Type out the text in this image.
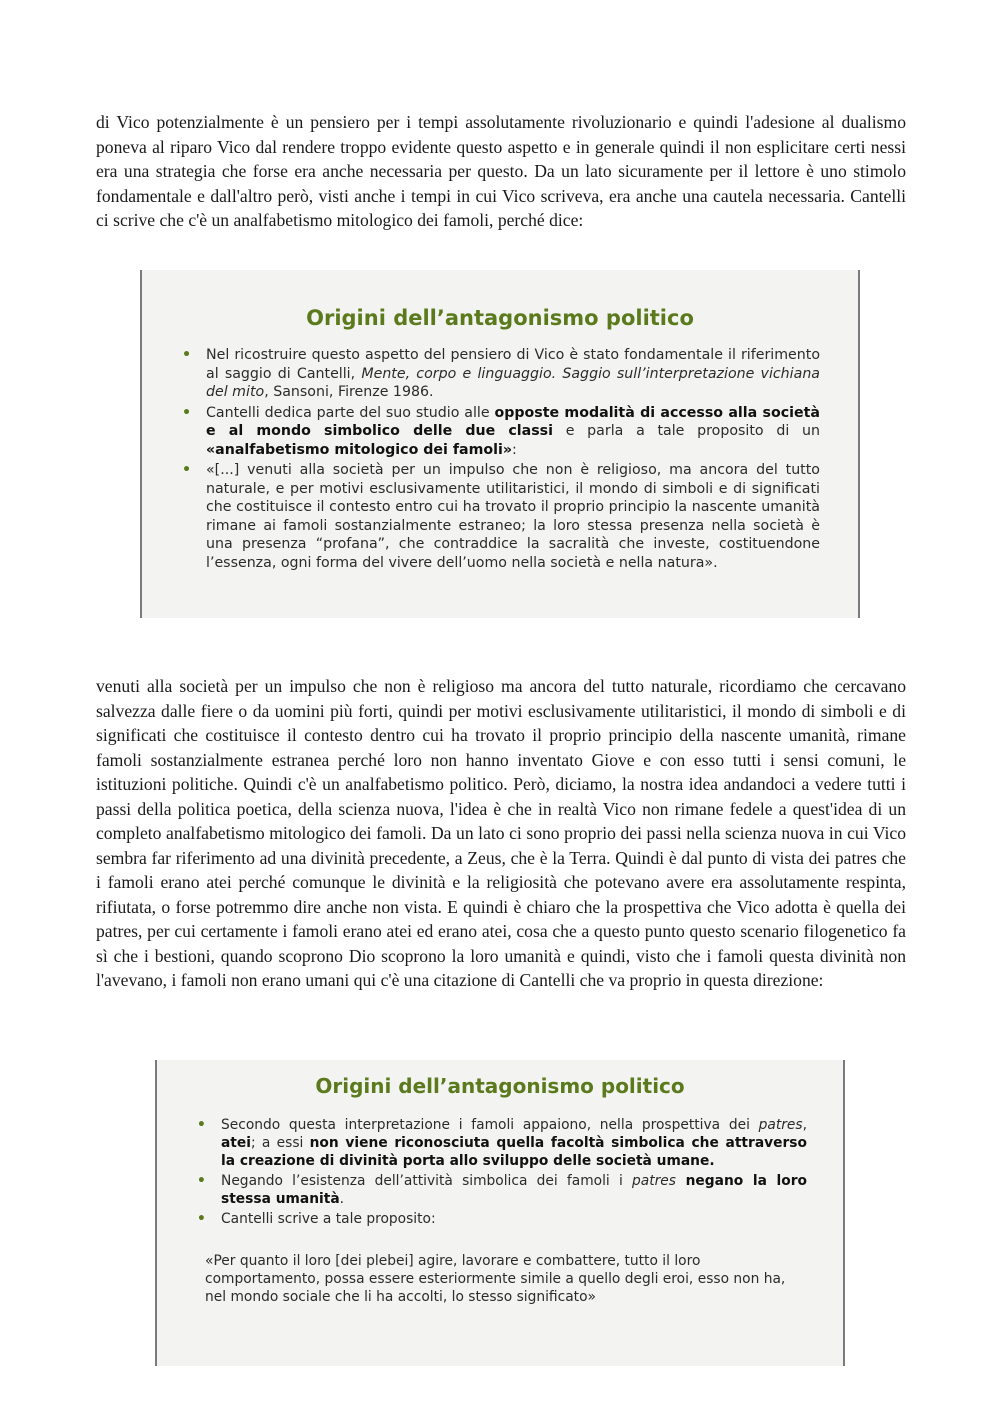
di Vico potenzialmente è un pensiero per i tempi assolutamente rivoluzionario e quindi l'adesione al dualismo poneva al riparo Vico dal rendere troppo evidente questo aspetto e in generale quindi il non esplicitare certi nessi era una strategia che forse era anche necessaria per questo. Da un lato sicuramente per il lettore è uno stimolo fondamentale e dall'altro però, visti anche i tempi in cui Vico scriveva, era anche una cautela necessaria. Cantelli ci scrive che c'è un analfabetismo mitologico dei famoli, perché dice:

Origini dell’antagonismo politico
• Nel ricostruire questo aspetto del pensiero di Vico è stato fondamentale il riferimento al saggio di Cantelli, Mente, corpo e linguaggio. Saggio sull’interpretazione vichiana del mito, Sansoni, Firenze 1986.
• Cantelli dedica parte del suo studio alle opposte modalità di accesso alla società e al mondo simbolico delle due classi e parla a tale proposito di un «analfabetismo mitologico dei famoli»:
• «[...] venuti alla società per un impulso che non è religioso, ma ancora del tutto naturale, e per motivi esclusivamente utilitaristici, il mondo di simboli e di significati che costituisce il contesto entro cui ha trovato il proprio principio la nascente umanità rimane ai famoli sostanzialmente estraneo; la loro stessa presenza nella società è una presenza “profana”, che contraddice la sacralità che investe, costituendone l’essenza, ogni forma del vivere dell’uomo nella società e nella natura».

venuti alla società per un impulso che non è religioso ma ancora del tutto naturale, ricordiamo che cercavano salvezza dalle fiere o da uomini più forti, quindi per motivi esclusivamente utilitaristici, il mondo di simboli e di significati che costituisce il contesto dentro cui ha trovato il proprio principio della nascente umanità, rimane famoli sostanzialmente estranea perché loro non hanno inventato Giove e con esso tutti i sensi comuni, le istituzioni politiche. Quindi c'è un analfabetismo politico. Però, diciamo, la nostra idea andandoci a vedere tutti i passi della politica poetica, della scienza nuova, l'idea è che in realtà Vico non rimane fedele a quest'idea di un completo analfabetismo mitologico dei famoli. Da un lato ci sono proprio dei passi nella scienza nuova in cui Vico sembra far riferimento ad una divinità precedente, a Zeus, che è la Terra. Quindi è dal punto di vista dei patres che i famoli erano atei perché comunque le divinità e la religiosità che potevano avere era assolutamente respinta, rifiutata, o forse potremmo dire anche non vista. E quindi è chiaro che la prospettiva che Vico adotta è quella dei patres, per cui certamente i famoli erano atei ed erano atei, cosa che a questo punto questo scenario filogenetico fa sì che i bestioni, quando scoprono Dio scoprono la loro umanità e quindi, visto che i famoli questa divinità non l'avevano, i famoli non erano umani qui c'è una citazione di Cantelli che va proprio in questa direzione:

Origini dell’antagonismo politico
• Secondo questa interpretazione i famoli appaiono, nella prospettiva dei patres, atei; a essi non viene riconosciuta quella facoltà simbolica che attraverso la creazione di divinità porta allo sviluppo delle società umane.
• Negando l’esistenza dell’attività simbolica dei famoli i patres negano la loro stessa umanità.
• Cantelli scrive a tale proposito:

«Per quanto il loro [dei plebei] agire, lavorare e combattere, tutto il loro comportamento, possa essere esteriormente simile a quello degli eroi, esso non ha, nel mondo sociale che li ha accolti, lo stesso significato»
